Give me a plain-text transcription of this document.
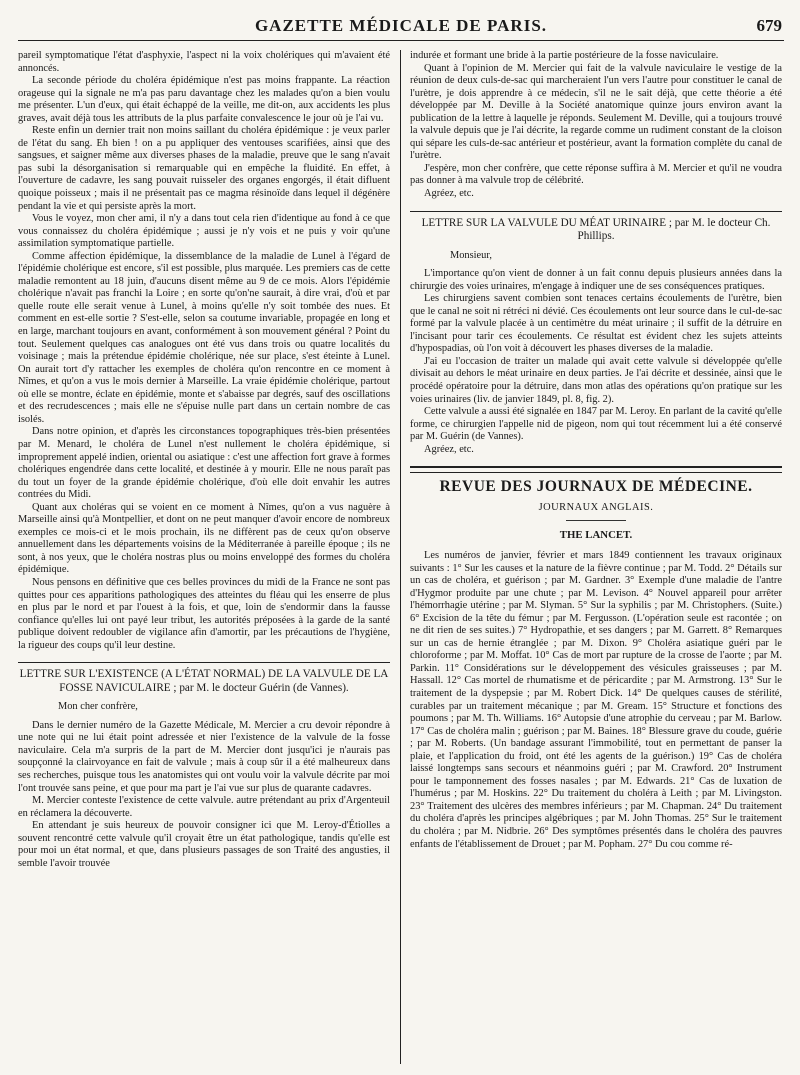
GAZETTE MÉDICALE DE PARIS.	679

pareil symptomatique l'état d'asphyxie, l'aspect ni la voix cholériques qui m'avaient été annoncés.

La seconde période du choléra épidémique n'est pas moins frappante. La réaction orageuse qui la signale ne m'a pas paru davantage chez les malades qu'on a bien voulu me présenter. L'un d'eux, qui était échappé de la veille, me dit-on, aux accidents les plus graves, avait déjà tous les attributs de la plus parfaite convalescence le jour où je l'ai vu.

Reste enfin un dernier trait non moins saillant du choléra épidémique : je veux parler de l'état du sang. Eh bien ! on a pu appliquer des ventouses scarifiées, ainsi que des sangsues, et saigner même aux diverses phases de la maladie, preuve que le sang n'avait pas subi la désorganisation si remarquable qui en empêche la fluidité. En effet, à l'ouverture de cadavre, les sang pouvait ruisseler des organes engorgés, il était difluent quoique poisseux ; mais il ne présentait pas ce magma résinoïde dans lequel il dégénère pendant la vie et qui persiste après la mort.

Vous le voyez, mon cher ami, il n'y a dans tout cela rien d'identique au fond à ce que vous connaissez du choléra épidémique ; aussi je n'y vois et ne puis y voir qu'une assimilation symptomatique partielle.

Comme affection épidémique, la dissemblance de la maladie de Lunel à l'égard de l'épidémie cholérique est encore, s'il est possible, plus marquée. Les premiers cas de cette maladie remontent au 18 juin, d'aucuns disent même au 9 de ce mois. Alors l'épidémie cholérique n'avait pas franchi la Loire ; en sorte qu'on'ne saurait, à dire vrai, d'où et par quelle route elle serait venue à Lunel, à moins qu'elle n'y soit tombée des nues. Et comment en est-elle sortie ? S'est-elle, selon sa coutume invariable, propagée en long et en large, marchant toujours en avant, conformément à son mouvement général ? Point du tout. Seulement quelques cas analogues ont été vus dans trois ou quatre localités du voisinage ; mais la prétendue épidémie cholérique, née sur place, s'est éteinte à Lunel. On aurait tort d'y rattacher les exemples de choléra qu'on rencontre en ce moment à Nîmes, et qu'on a vus le mois dernier à Marseille. La vraie épidémie cholérique, partout où elle se montre, éclate en épidémie, monte et s'abaisse par degrés, sauf des oscillations et des recrudescences ; mais elle ne s'épuise nulle part dans un certain nombre de cas isolés.

Dans notre opinion, et d'après les circonstances topographiques très-bien présentées par M. Menard, le choléra de Lunel n'est nullement le choléra épidémique, si improprement appelé indien, oriental ou asiatique : c'est une affection fort grave à formes cholériques engendrée dans cette localité, et destinée à y mourir. Elle ne nous paraît pas du tout un foyer de la grande épidémie cholérique, d'où elle doit envahir les autres contrées du Midi.

Quant aux choléras qui se voient en ce moment à Nîmes, qu'on a vus naguère à Marseille ainsi qu'à Montpellier, et dont on ne peut manquer d'avoir encore de nombreux exemples ce mois-ci et le mois prochain, ils ne diffèrent pas de ceux qu'on observe annuellement dans les départements voisins de la Méditerranée à pareille époque ; ils ne sont, à nos yeux, que le choléra nostras plus ou moins enveloppé des formes du choléra épidémique.

Nous pensons en définitive que ces belles provinces du midi de la France ne sont pas quittes pour ces apparitions pathologiques des atteintes du fléau qui les enserre de plus en plus par le nord et par l'ouest à la fois, et que, loin de s'endormir dans la fausse confiance qu'elles lui ont payé leur tribut, les autorités préposées à la garde de la santé publique doivent redoubler de vigilance afin d'amortir, par les précautions de l'hygiène, la rigueur des coups qu'il leur destine.

LETTRE SUR L'EXISTENCE (A L'ÉTAT NORMAL) DE LA VALVULE DE LA FOSSE NAVICULAIRE ; par M. le docteur Guérin (de Vannes).

Mon cher confrère,

Dans le dernier numéro de la Gazette Médicale, M. Mercier a cru devoir répondre à une note qui ne lui était point adressée et nier l'existence de la valvule de la fosse naviculaire. Cela m'a surpris de la part de M. Mercier dont jusqu'ici je n'aurais pas soupçonné la clairvoyance en fait de valvule ; mais à coup sûr il a été malheureux dans ses recherches, puisque tous les anatomistes qui ont voulu voir la valvule décrite par moi l'ont trouvée sans peine, et que pour ma part je l'ai vue sur plus de quarante cadavres.

M. Mercier conteste l'existence de cette valvule. autre prétendant au prix d'Argenteuil en réclamera la découverte.

En attendant je suis heureux de pouvoir consigner ici que M. Leroy-d'Étiolles a souvent rencontré cette valvule qu'il croyait être un état pathologique, tandis qu'elle est pour moi un état normal, et que, dans plusieurs passages de son Traité des angusties, il semble l'avoir trouvée

indurée et formant une bride à la partie postérieure de la fosse naviculaire.

Quant à l'opinion de M. Mercier qui fait de la valvule naviculaire le vestige de la réunion de deux culs-de-sac qui marcheraient l'un vers l'autre pour constituer le canal de l'urètre, je dois apprendre à ce médecin, s'il ne le sait déjà, que cette théorie a été développée par M. Deville à la Société anatomique quinze jours environ avant la publication de la lettre à laquelle je réponds. Seulement M. Deville, qui a toujours trouvé la valvule depuis que je l'ai décrite, la regarde comme un rudiment constant de la cloison qui sépare les culs-de-sac antérieur et postérieur, avant la formation complète du canal de l'urètre.

J'espère, mon cher confrère, que cette réponse suffira à M. Mercier et qu'il ne voudra pas donner à ma valvule trop de célébrité.

Agréez, etc.

LETTRE SUR LA VALVULE DU MÉAT URINAIRE ; par M. le docteur Ch. Phillips.

Monsieur,

L'importance qu'on vient de donner à un fait connu depuis plusieurs années dans la chirurgie des voies urinaires, m'engage à indiquer une de ses conséquences pratiques.

Les chirurgiens savent combien sont tenaces certains écoulements de l'urètre, bien que le canal ne soit ni rétréci ni dévié. Ces écoulements ont leur source dans le cul-de-sac formé par la valvule placée à un centimètre du méat urinaire ; il suffit de la détruire en l'incisant pour tarir ces écoulements. Ce résultat est évident chez les sujets atteints d'hypospadias, où l'on voit à découvert les phases diverses de la maladie.

J'ai eu l'occasion de traiter un malade qui avait cette valvule si développée qu'elle divisait au dehors le méat urinaire en deux parties. Je l'ai décrite et dessinée, ainsi que le procédé opératoire pour la détruire, dans mon atlas des opérations qu'on pratique sur les voies urinaires (liv. de janvier 1849, pl. 8, fig. 2).

Cette valvule a aussi été signalée en 1847 par M. Leroy. En parlant de la cavité qu'elle forme, ce chirurgien l'appelle nid de pigeon, nom qui tout récemment lui a été conservé par M. Guérin (de Vannes).

Agréez, etc.

REVUE DES JOURNAUX DE MÉDECINE.
JOURNAUX ANGLAIS.
THE LANCET.

Les numéros de janvier, février et mars 1849 contiennent les travaux originaux suivants : 1° Sur les causes et la nature de la fièvre continue ; par M. Todd. 2° Détails sur un cas de choléra, et guérison ; par M. Gardner. 3° Exemple d'une maladie de l'antre d'Hygmor produite par une chute ; par M. Levison. 4° Nouvel appareil pour arrêter l'hémorrhagie utérine ; par M. Slyman. 5° Sur la syphilis ; par M. Christophers. (Suite.) 6° Excision de la tête du fémur ; par M. Fergusson. (L'opération seule est racontée ; on ne dit rien de ses suites.) 7° Hydropathie, et ses dangers ; par M. Garrett. 8° Remarques sur un cas de hernie étranglée ; par M. Dixon. 9° Choléra asiatique guéri par le chloroforme ; par M. Moffat. 10° Cas de mort par rupture de la crosse de l'aorte ; par M. Parkin. 11° Considérations sur le développement des vésicules graisseuses ; par M. Hassall. 12° Cas mortel de rhumatisme et de péricardite ; par M. Armstrong. 13° Sur le traitement de la dyspepsie ; par M. Robert Dick. 14° De quelques causes de stérilité, curables par un traitement mécanique ; par M. Gream. 15° Structure et fonctions des poumons ; par M. Th. Williams. 16° Autopsie d'une atrophie du cerveau ; par M. Barlow. 17° Cas de choléra malin ; guérison ; par M. Baines. 18° Blessure grave du coude, guérie ; par M. Roberts. (Un bandage assurant l'immobilité, tout en permettant de panser la plaie, et l'application du froid, ont été les agents de la guérison.) 19° Cas de choléra laissé longtemps sans secours et néanmoins guéri ; par M. Crawford. 20° Instrument pour le tamponnement des fosses nasales ; par M. Edwards. 21° Cas de luxation de l'humérus ; par M. Hoskins. 22° Du traitement du choléra à Leith ; par M. Livingston. 23° Traitement des ulcères des membres inférieurs ; par M. Chapman. 24° Du traitement du choléra d'après les principes algébriques ; par M. John Thomas. 25° Sur le traitement du choléra ; par M. Nidbrie. 26° Des symptômes présentés dans le choléra des pauvres enfants de l'établissement de Drouet ; par M. Popham. 27° Du cou comme ré-
